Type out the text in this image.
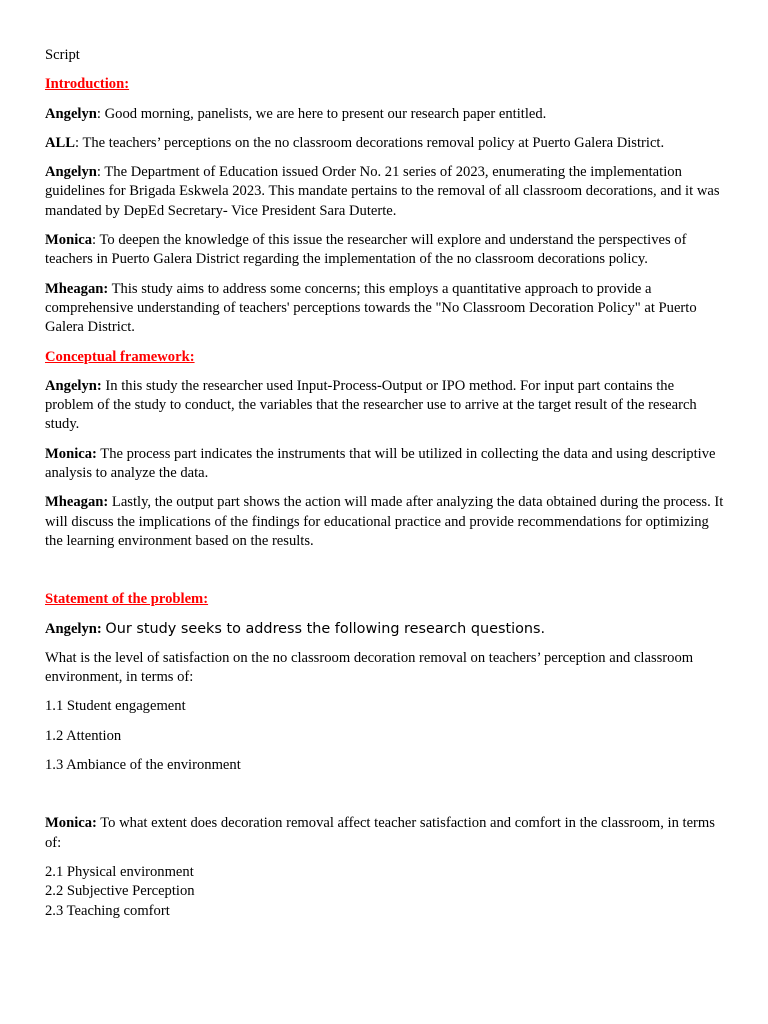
Script

Introduction:

Angelyn: Good morning, panelists, we are here to present our research paper entitled.

ALL: The teachers’ perceptions on the no classroom decorations removal policy at Puerto Galera District.

Angelyn: The Department of Education issued Order No. 21 series of 2023, enumerating the implementation guidelines for Brigada Eskwela 2023. This mandate pertains to the removal of all classroom decorations, and it was mandated by DepEd Secretary- Vice President Sara Duterte.

Monica: To deepen the knowledge of this issue the researcher will explore and understand the perspectives of teachers in Puerto Galera District regarding the implementation of the no classroom decorations policy.

Mheagan: This study aims to address some concerns; this employs a quantitative approach to provide a comprehensive understanding of teachers' perceptions towards the "No Classroom Decoration Policy" at Puerto Galera District.

Conceptual framework:

Angelyn: In this study the researcher used Input-Process-Output or IPO method. For input part contains the problem of the study to conduct, the variables that the researcher use to arrive at the target result of the research study.

Monica: The process part indicates the instruments that will be utilized in collecting the data and using descriptive analysis to analyze the data.

Mheagan: Lastly, the output part shows the action will made after analyzing the data obtained during the process. It will discuss the implications of the findings for educational practice and provide recommendations for optimizing the learning environment based on the results.

Statement of the problem:

Angelyn: Our study seeks to address the following research questions.

What is the level of satisfaction on the no classroom decoration removal on teachers’ perception and classroom environment, in terms of:

1.1 Student engagement

1.2 Attention

1.3 Ambiance of the environment

Monica: To what extent does decoration removal affect teacher satisfaction and comfort in the classroom, in terms of:

2.1 Physical environment

2.2 Subjective Perception

2.3 Teaching comfort
